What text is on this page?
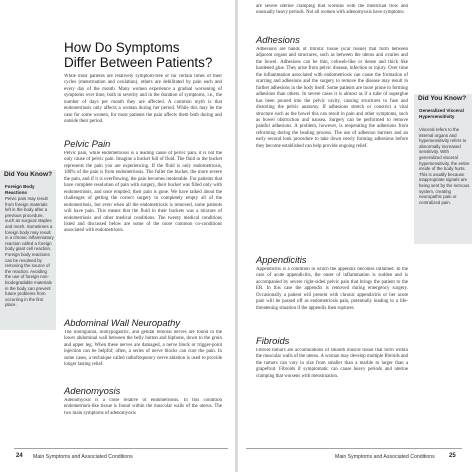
How Do Symptoms
Differ Between Patients?

While most patients are relatively symptom-free or for certain times of their cycles (menstruation and ovulation), others are debilitated by pain each and every day of the month. Many women experience a gradual worsening of symptoms over time, both in severity and in the duration of symptoms, i.e., the number of days per month they are affected. A common myth is that endometriosis only affects a woman during her period. While this may be the case for some women, for most patients the pain affects them both during and outside their period.

Pelvic Pain

Pelvic pain, while endometriosis is a leading cause of pelvic pain, it is not the only cause of pelvic pain. Imagine a bucket full of fluid. The fluid in the bucket represents the pain you are experiencing. If the fluid is only endometriosis, 100% of the pain is from endometriosis. The fuller the bucket, the more severe the pain, and if it is overflowing, the pain becomes intolerable. For patients that have complete resolution of pain with surgery, their bucket was filled only with endometriosis, and once emptied, their pain is gone. We have talked about the challenges of getting the correct surgery to completely empty all of the endometriosis, but even when all the endometriosis is removed, some patients will have pain. This means that the fluid in their buckets was a mixture of endometriosis and other medical conditions. The twenty medical conditions listed and discussed below are some of the more common co-conditions associated with endometriosis.

Abdominal Wall Neuropathy

The ilioinguinal, iliohypogastric, and genital femoral nerves are found in the lower abdominal wall between the belly button and hipbone, down to the groin and upper leg. When these nerves are damaged, a nerve block or trigger-point injection can be helpful; often, a series of nerve blocks can cure the pain. In some cases, a technique called radiofrequency nerve ablation is used to provide longer lasting relief.

Adenomyosis

Adenomyosis is a close relative of endometriosis. In this condition endometrium-like tissue is found within the muscular walls of the uterus. The two main symptoms of adenomyosis

Did You Know?
Foreign Body Reactions
Pelvic pain may result from foreign materials left in the body after a previous procedure, such as surgical staples and mesh. Sometimes a foreign body may result in a chronic inflammatory reaction called a foreign body giant cell reaction. Foreign body reactions can be resolved by removing the source of the reaction. Avoiding the use of foreign non-biodegradable materials in the body can prevent future problems from occurring in the first place.
24 Main Symptoms and Associated Conditions

are severe uterine cramping that worsens with the menstrual flow and unusually heavy periods. Not all women with adenomyosis have symptoms.

Adhesions

Adhesions are bands of fibrotic tissue (scar tissue) that form between adjacent organs and structures, such as between the uterus and ovaries and the bowel. Adhesions can be thin, cobweb-like or dense and thick like hardened glue. They arise from pelvic disease, infection or injury. Over time the inflammation associated with endometriosis can cause the formation of scarring and adhesions and the surgery to remove the disease may result in further adhesions in the body itself. Some patients are more prone to forming adhesions than others. In severe cases it is almost as if a tube of superglue has been poured into the pelvic cavity, causing structures to fuse and distorting the pelvic anatomy. If adhesions stretch or constrict a vital structure such as the bowel this can result in pain and other symptoms, such as bowel obstruction and nausea. Surgery can be performed to remove painful adhesions. A problem, however, is reoperating the adhesions from reforming during the healing process. The use of adhesion barriers and an early second look procedure to take down newly forming adhesions before they become established can help provide ongoing relief.

Appendicitis

Appendicitis is a condition in which the appendix becomes inflamed. In the case of acute appendicitis, the onset of inflammation is sudden and is accompanied by severe right-sided pelvic pain that brings the patient to the ER. In this case the appendix is removed during emergency surgery. Occasionally a patient will present with chronic appendicitis or her acute pain will be passed off as endometriosis pain, potentially leading to a life-threatening situation if the appendix then ruptures.

Fibroids

Fibroid tumors are accumulations of smooth muscle tissue that form within the muscular walls of the uterus. A woman may develop multiple fibroids and the tumors can vary in size from smaller than a marble to larger than a grapefruit. Fibroids if symptomatic can cause heavy periods and uterine cramping that worsens with menstruation.

Did You Know?
Generalized Visceral Hypersensitivity
Visceral refers to the internal organs and hypersensitivity refers to abnormally increased sensitivity. With generalized visceral hypersensitivity, the entire inside of the body hurts. This is usually because inappropriate signals are being sent by the nervous system, creating neuropathic pain or centralized pain.
Main Symptoms and Associated Conditions 25
